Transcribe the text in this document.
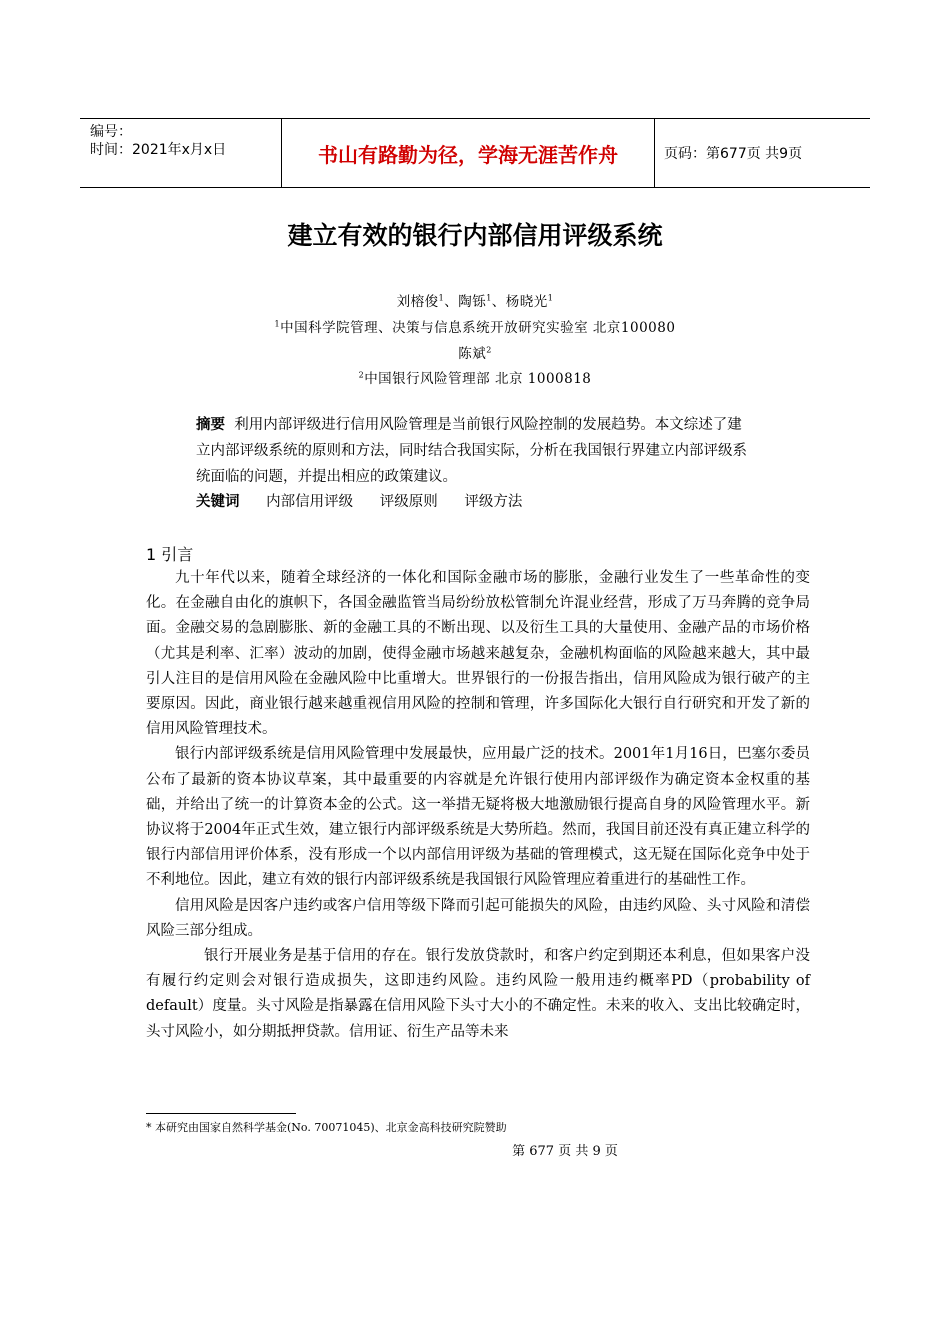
编号：
时间：2021年x月x日	书山有路勤为径，学海无涯苦作舟	页码：第677页 共9页
建立有效的银行内部信用评级系统
刘榕俊$^1$、陶铄$^1$、杨晓光$^1$
$^1$中国科学院管理、决策与信息系统开放研究实验室 北京100080
陈斌$^2$
$^2$中国银行风险管理部 北京 1000818
摘要 利用内部评级进行信用风险管理是当前银行风险控制的发展趋势。本文综述了建立内部评级系统的原则和方法，同时结合我国实际，分析在我国银行界建立内部评级系统面临的问题，并提出相应的政策建议。
关键词 内部信用评级 评级原则 评级方法
1 引言

九十年代以来，随着全球经济的一体化和国际金融市场的膨胀，金融行业发生了一些革命性的变化。在金融自由化的旗帜下，各国金融监管当局纷纷放松管制允许混业经营，形成了万马奔腾的竞争局面。金融交易的急剧膨胀、新的金融工具的不断出现、以及衍生工具的大量使用、金融产品的市场价格（尤其是利率、汇率）波动的加剧，使得金融市场越来越复杂，金融机构面临的风险越来越大，其中最引人注目的是信用风险在金融风险中比重增大。世界银行的一份报告指出，信用风险成为银行破产的主要原因。因此，商业银行越来越重视信用风险的控制和管理，许多国际化大银行自行研究和开发了新的信用风险管理技术。

银行内部评级系统是信用风险管理中发展最快，应用最广泛的技术。2001年1月16日，巴塞尔委员公布了最新的资本协议草案，其中最重要的内容就是允许银行使用内部评级作为确定资本金权重的基础，并给出了统一的计算资本金的公式。这一举措无疑将极大地激励银行提高自身的风险管理水平。新协议将于2004年正式生效，建立银行内部评级系统是大势所趋。然而，我国目前还没有真正建立科学的银行内部信用评价体系，没有形成一个以内部信用评级为基础的管理模式，这无疑在国际化竞争中处于不利地位。因此，建立有效的银行内部评级系统是我国银行风险管理应着重进行的基础性工作。

信用风险是因客户违约或客户信用等级下降而引起可能损失的风险，由违约风险、头寸风险和清偿风险三部分组成。

银行开展业务是基于信用的存在。银行发放贷款时，和客户约定到期还本利息，但如果客户没有履行约定则会对银行造成损失，这即违约风险。违约风险一般用违约概率PD（probability of default）度量。头寸风险是指暴露在信用风险下头寸大小的不确定性。未来的收入、支出比较确定时，头寸风险小，如分期抵押贷款。信用证、衍生产品等未来

* 本研究由国家自然科学基金(No. 70071045)、北京金高科技研究院赞助
第 677 页 共 9 页
